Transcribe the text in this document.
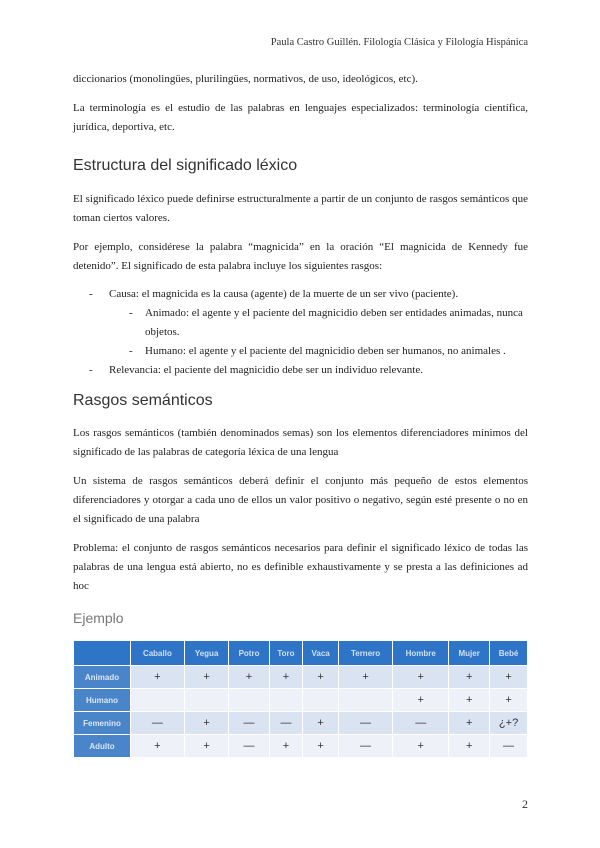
Paula Castro Guillén. Filología Clásica y Filología Hispánica

diccionarios (monolingües, plurilingües, normativos, de uso, ideológicos, etc).

La terminología es el estudio de las palabras en lenguajes especializados: terminología científica, jurídica, deportiva, etc.

Estructura del significado léxico

El significado léxico puede definirse estructuralmente a partir de un conjunto de rasgos semánticos que toman ciertos valores.

Por ejemplo, considérese la palabra “magnicida” en la oración “El magnicida de Kennedy fue detenido”. El significado de esta palabra incluye los siguientes rasgos:

- Causa: el magnicida es la causa (agente) de la muerte de un ser vivo (paciente).
- Animado: el agente y el paciente del magnicidio deben ser entidades animadas, nunca objetos.
- Humano: el agente y el paciente del magnicidio deben ser humanos, no animales .
- Relevancia: el paciente del magnicidio debe ser un individuo relevante.
Rasgos semánticos

Los rasgos semánticos (también denominados semas) son los elementos diferenciadores mínimos del significado de las palabras de categoría léxica de una lengua

Un sistema de rasgos semánticos deberá definir el conjunto más pequeño de estos elementos diferenciadores y otorgar a cada uno de ellos un valor positivo o negativo, según esté presente o no en el significado de una palabra

Problema: el conjunto de rasgos semánticos necesarios para definir el significado léxico de todas las palabras de una lengua está abierto, no es definible exhaustivamente y se presta a las definiciones ad hoc

Ejemplo
	Caballo	Yegua	Potro	Toro	Vaca	Ternero	Hombre	Mujer	Bebé
Animado	+	+	+	+	+	+	+	+	+
Humano							+	+	+
Femenino	—	+	—	—	+	—	—	+	¿+?
Adulto	+	+	—	+	+	—	+	+	—
2
